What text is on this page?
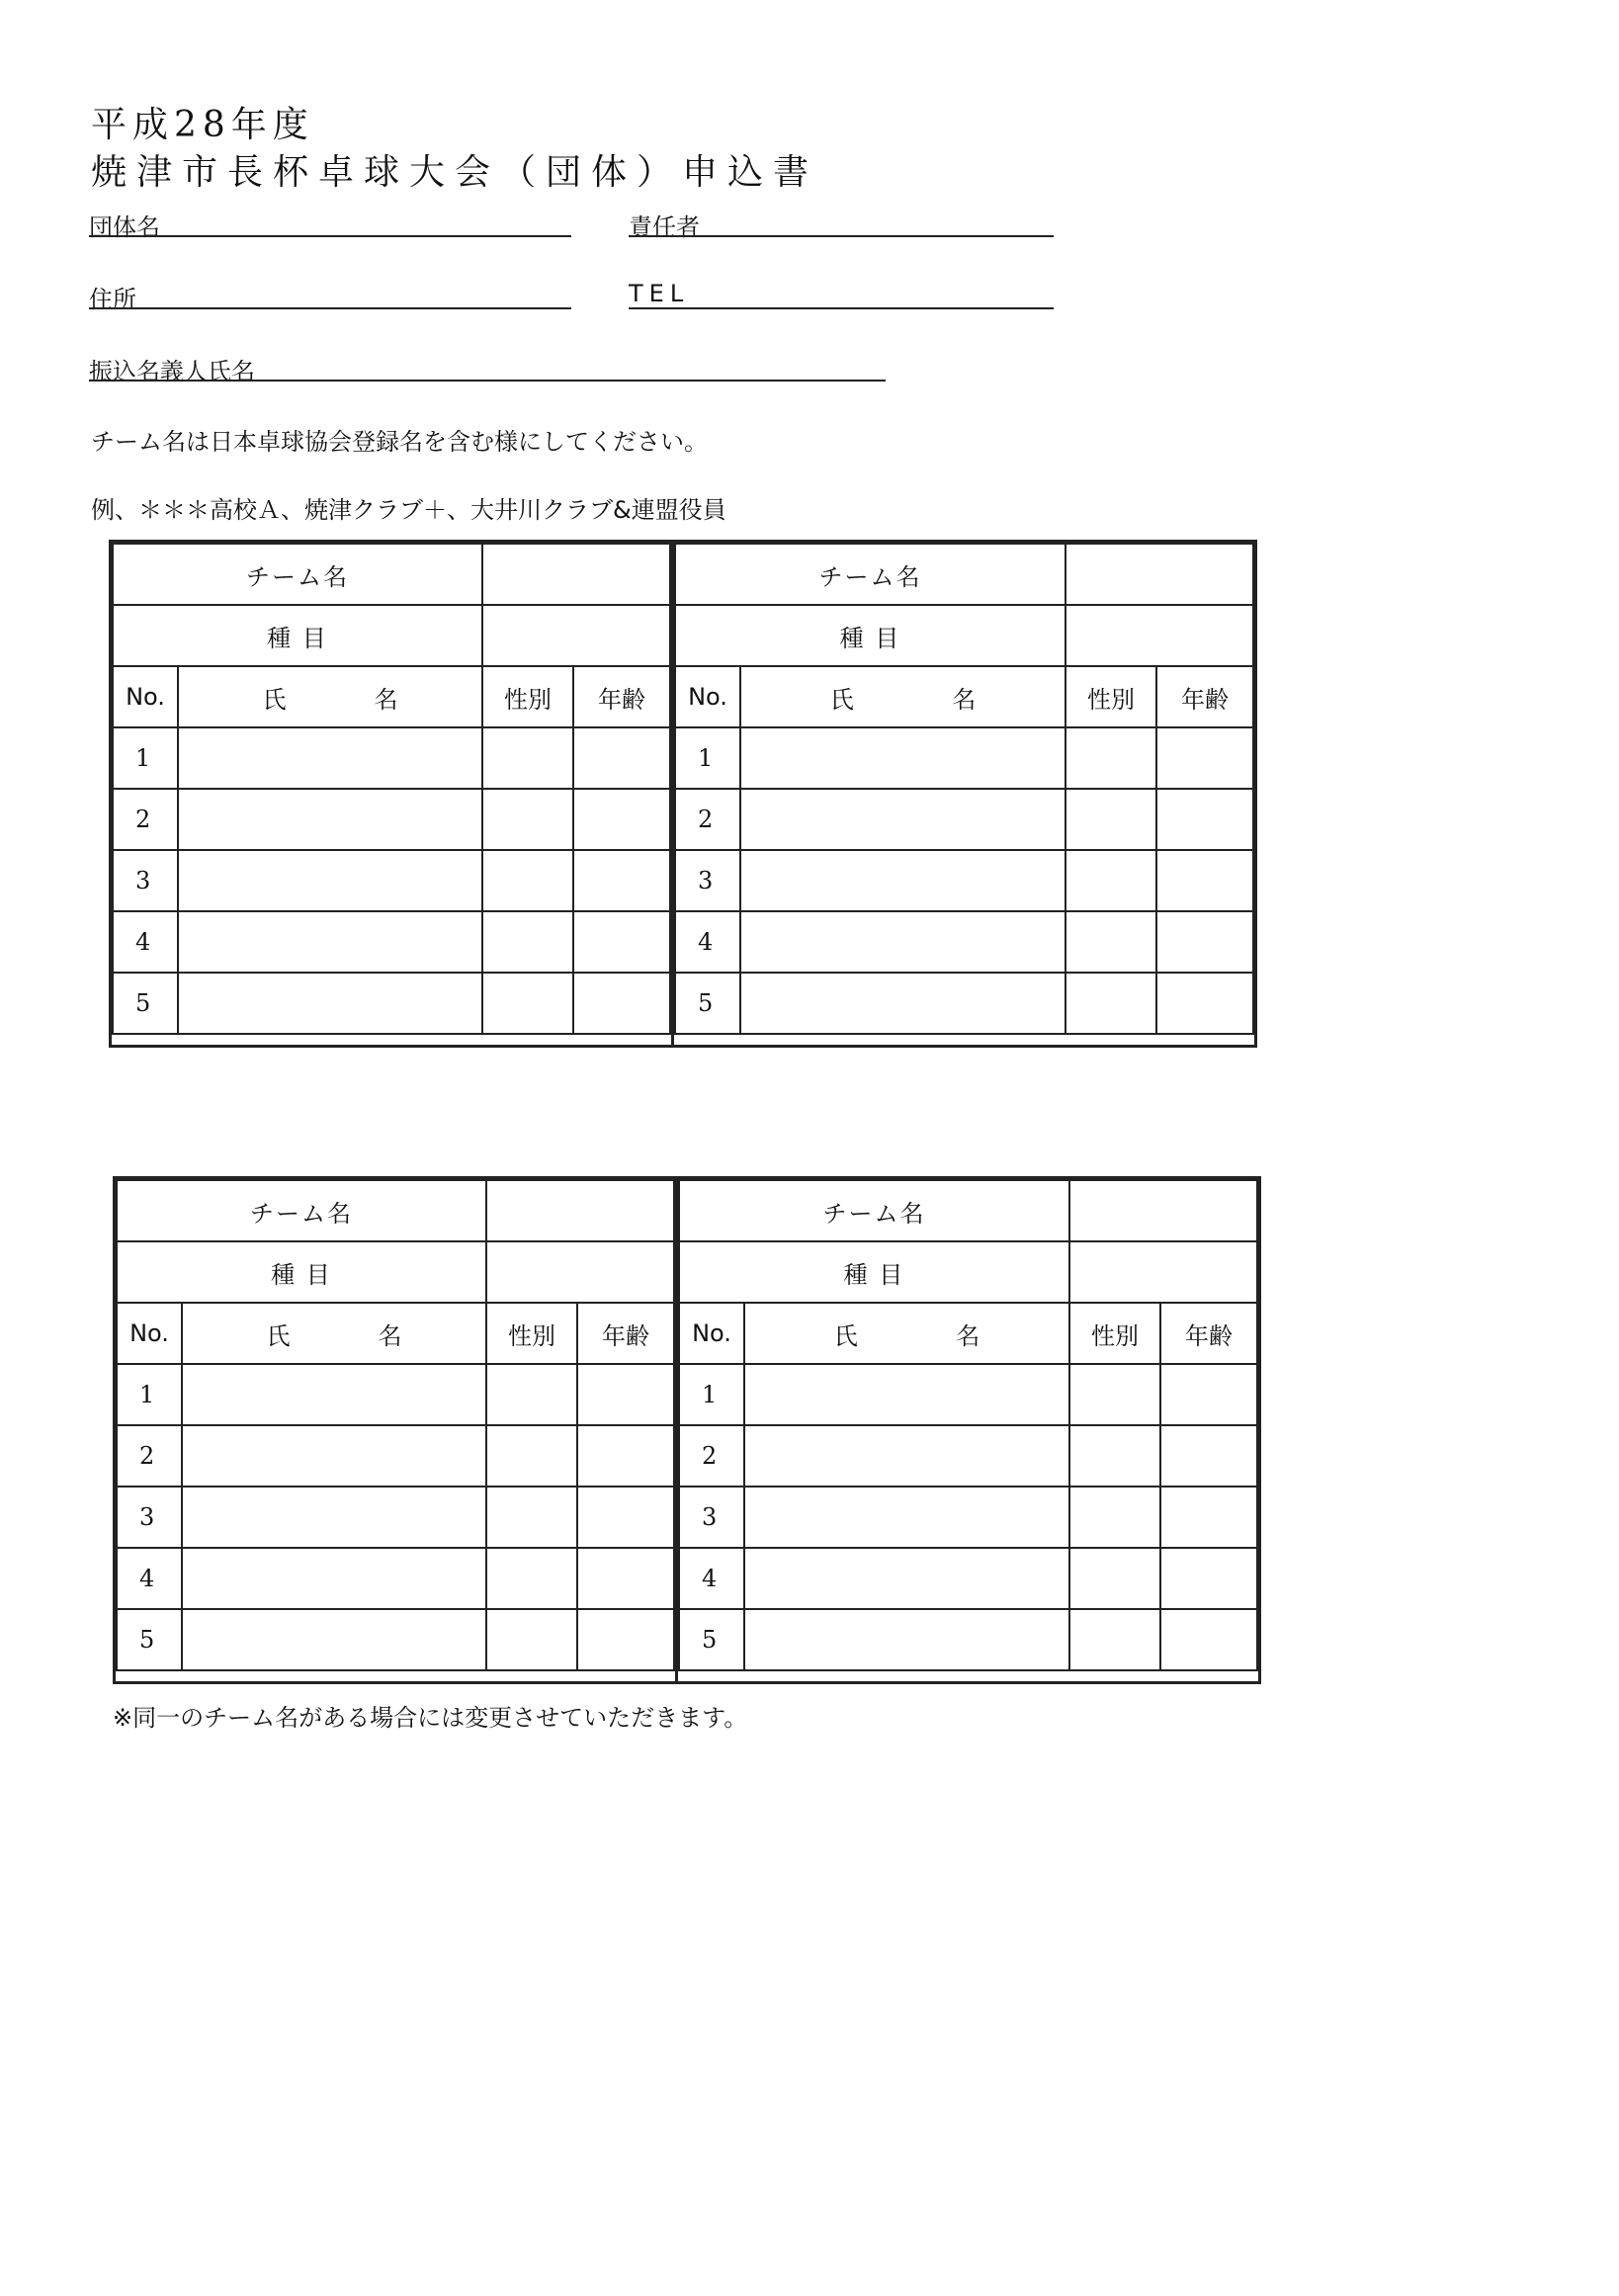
平成28年度
焼津市長杯卓球大会（団体）申込書
団体名	責任者
住所	TEL
振込名義人氏名
チーム名は日本卓球協会登録名を含む様にしてください。
例、＊＊＊高校Ａ、焼津クラブ＋、大井川クラブ&連盟役員
チーム名			
種 目			
No.	氏 名	性別	年齢
1			
2			
3			
4			
5			
チーム名			
種 目			
No.	氏 名	性別	年齢
1			
2			
3			
4			
5			
チーム名			
種 目			
No.	氏 名	性別	年齢
1			
2			
3			
4			
5			
チーム名			
種 目			
No.	氏 名	性別	年齢
1			
2			
3			
4			
5			
※同一のチーム名がある場合には変更させていただきます。
